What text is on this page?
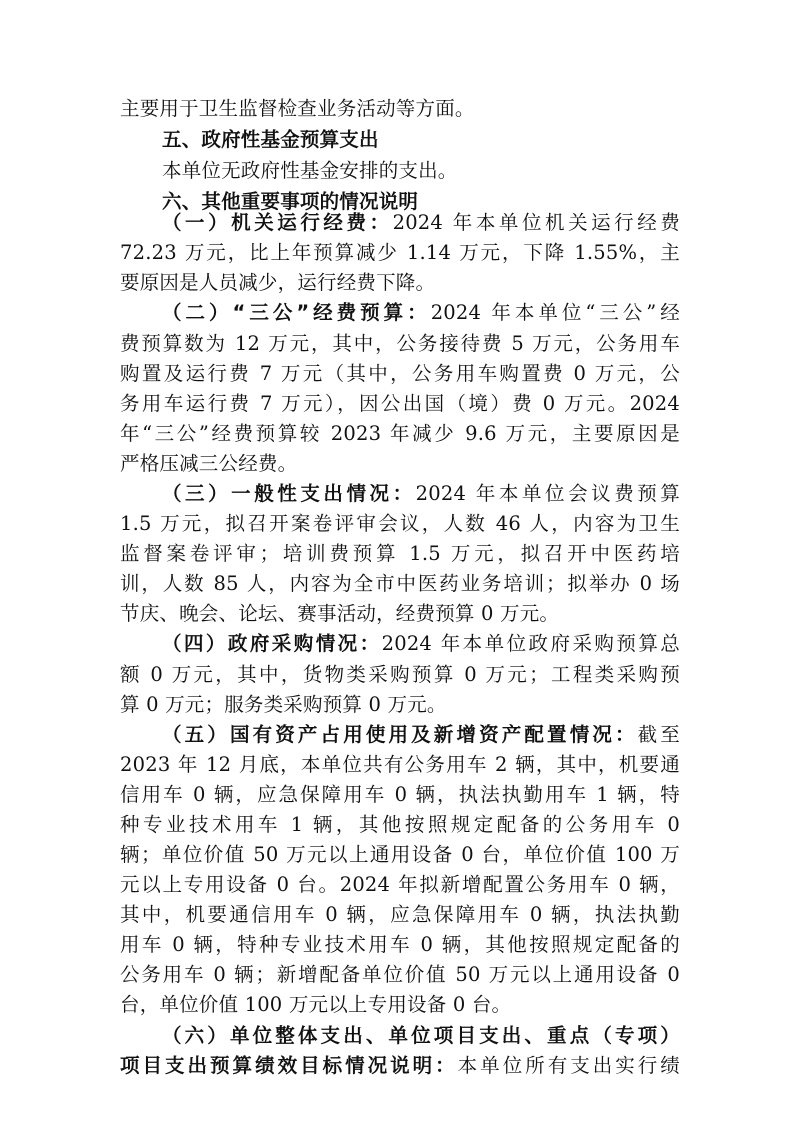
主要用于卫生监督检查业务活动等方面。
五、政府性基金预算支出
本单位无政府性基金安排的支出。
六、其他重要事项的情况说明
（一）机关运行经费：2024 年本单位机关运行经费
72.23 万元，比上年预算减少 1.14 万元，下降 1.55%，主
要原因是人员减少，运行经费下降。
（二）“三公”经费预算：2024 年本单位“三公”经
费预算数为 12 万元，其中，公务接待费 5 万元，公务用车
购置及运行费 7 万元（其中，公务用车购置费 0 万元，公
务用车运行费 7 万元），因公出国（境）费 0 万元。2024
年“三公”经费预算较 2023 年减少 9.6 万元，主要原因是
严格压减三公经费。
（三）一般性支出情况：2024 年本单位会议费预算
1.5 万元，拟召开案卷评审会议，人数 46 人，内容为卫生
监督案卷评审；培训费预算 1.5 万元，拟召开中医药培
训，人数 85 人，内容为全市中医药业务培训；拟举办 0 场
节庆、晚会、论坛、赛事活动，经费预算 0 万元。
（四）政府采购情况：2024 年本单位政府采购预算总
额 0 万元，其中，货物类采购预算 0 万元；工程类采购预
算 0 万元；服务类采购预算 0 万元。
（五）国有资产占用使用及新增资产配置情况：截至
2023 年 12 月底，本单位共有公务用车 2 辆，其中，机要通
信用车 0 辆，应急保障用车 0 辆，执法执勤用车 1 辆，特
种专业技术用车 1 辆，其他按照规定配备的公务用车 0
辆；单位价值 50 万元以上通用设备 0 台，单位价值 100 万
元以上专用设备 0 台。2024 年拟新增配置公务用车 0 辆，
其中，机要通信用车 0 辆，应急保障用车 0 辆，执法执勤
用车 0 辆，特种专业技术用车 0 辆，其他按照规定配备的
公务用车 0 辆；新增配备单位价值 50 万元以上通用设备 0
台，单位价值 100 万元以上专用设备 0 台。
（六）单位整体支出、单位项目支出、重点（专项）
项目支出预算绩效目标情况说明：本单位所有支出实行绩
